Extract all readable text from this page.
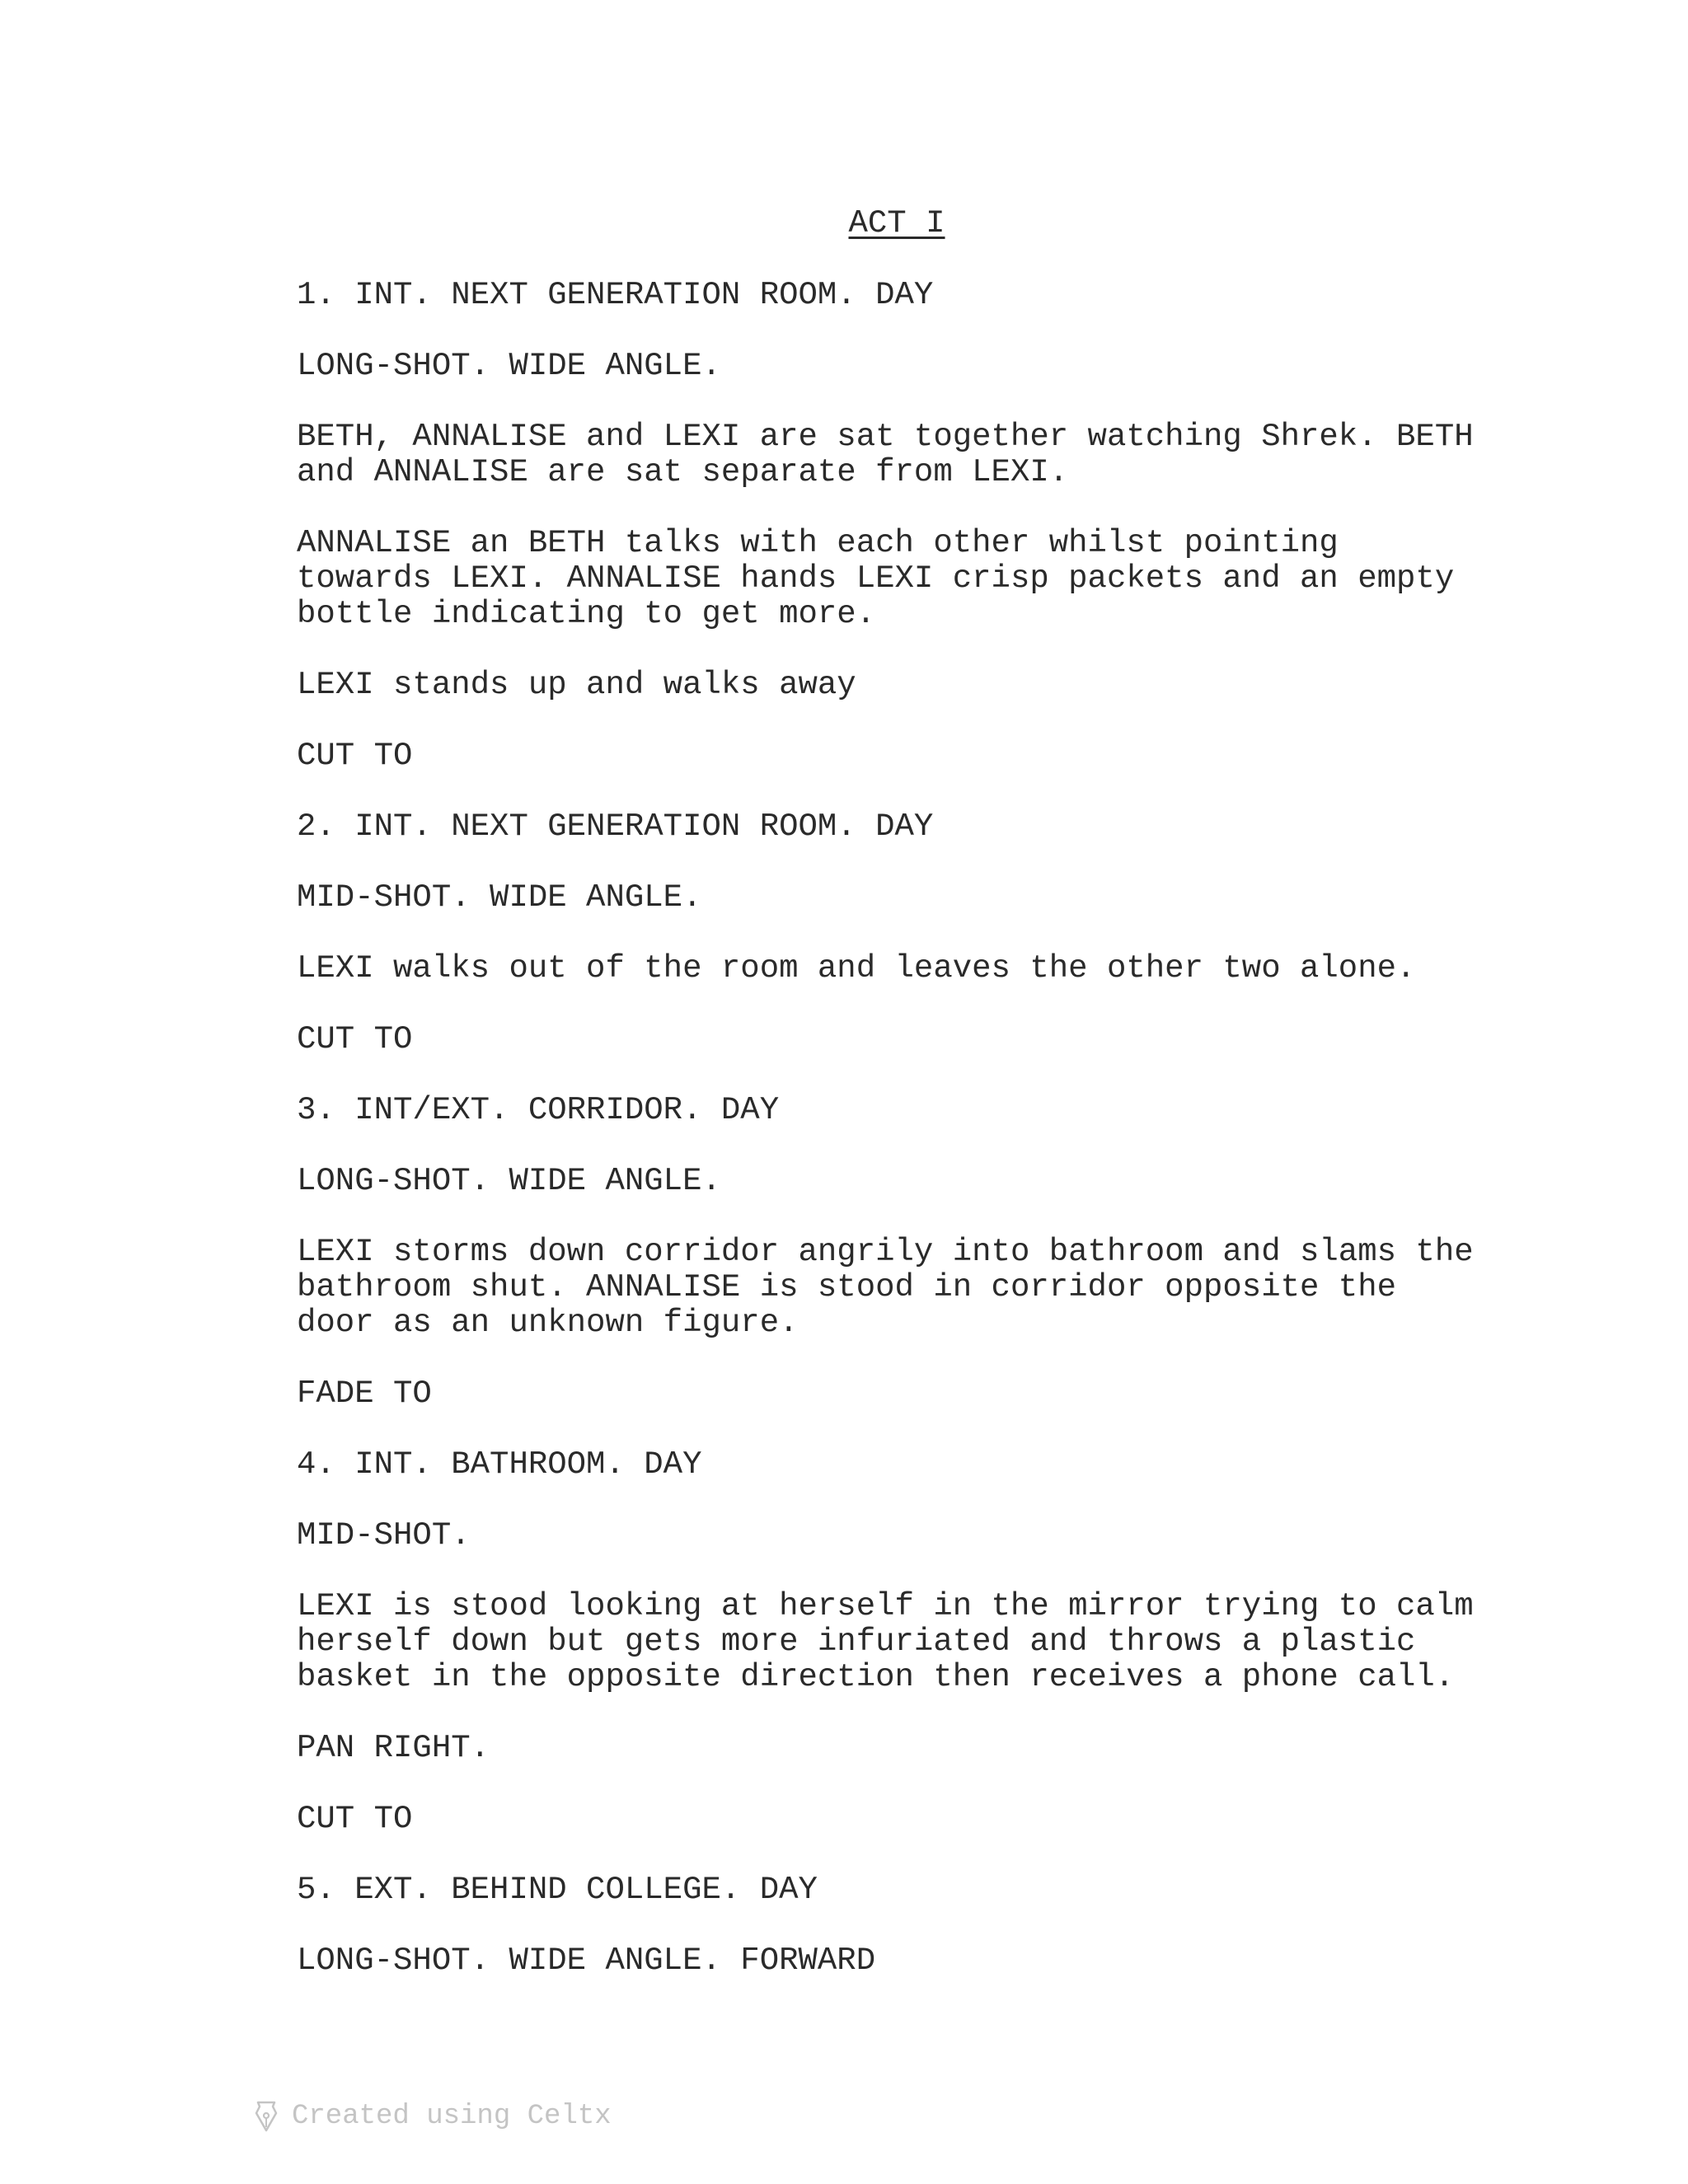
ACT I
1. INT. NEXT GENERATION ROOM. DAY
LONG-SHOT. WIDE ANGLE.
BETH, ANNALISE and LEXI are sat together watching Shrek. BETH
and ANNALISE are sat separate from LEXI.
ANNALISE an BETH talks with each other whilst pointing
towards LEXI. ANNALISE hands LEXI crisp packets and an empty
bottle indicating to get more.
LEXI stands up and walks away
CUT TO
2. INT. NEXT GENERATION ROOM. DAY
MID-SHOT. WIDE ANGLE.
LEXI walks out of the room and leaves the other two alone.
CUT TO
3. INT/EXT. CORRIDOR. DAY
LONG-SHOT. WIDE ANGLE.
LEXI storms down corridor angrily into bathroom and slams the
bathroom shut. ANNALISE is stood in corridor opposite the
door as an unknown figure.
FADE TO
4. INT. BATHROOM. DAY
MID-SHOT.
LEXI is stood looking at herself in the mirror trying to calm
herself down but gets more infuriated and throws a plastic
basket in the opposite direction then receives a phone call.
PAN RIGHT.
CUT TO
5. EXT. BEHIND COLLEGE. DAY
LONG-SHOT. WIDE ANGLE. FORWARD
Created using Celtx
